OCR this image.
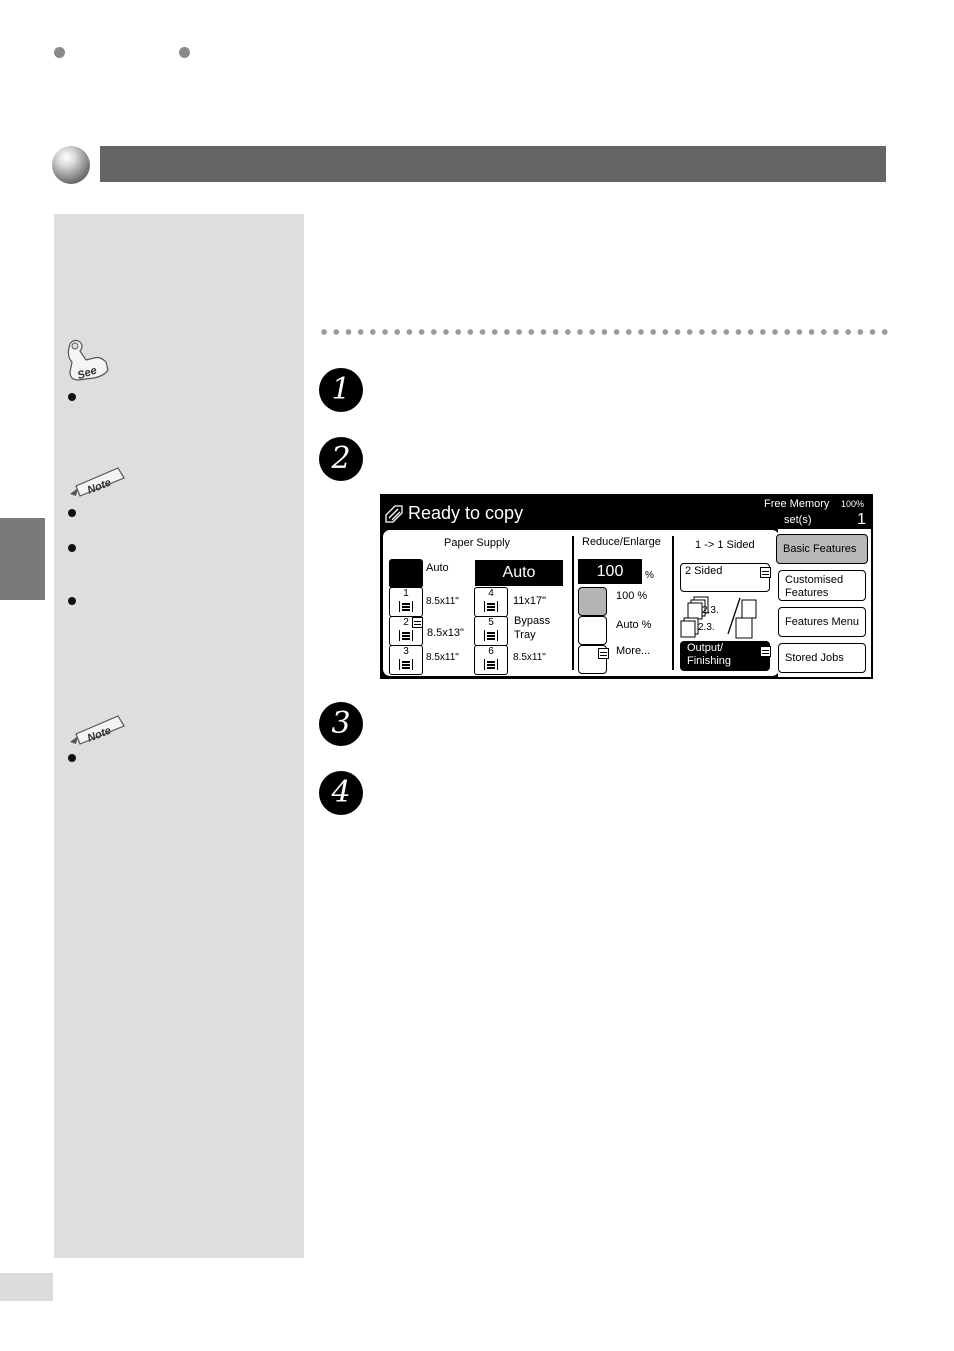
See
Note
Note
1
2
3
4
Ready to copy	Free Memory 100%
set(s)	1
Paper Supply
Auto	Auto
1
8.5x11"
2
8.5x13"
3
8.5x11"
4
11x17"
5	Bypass
Tray
6
8.5x11"
Reduce/Enlarge
100	%
100 %
Auto %
More...
1 -> 1 Sided
2 Sided
2.3.
2.3.
Output/
Finishing
Basic Features
Customised
Features
Features Menu
Stored Jobs
